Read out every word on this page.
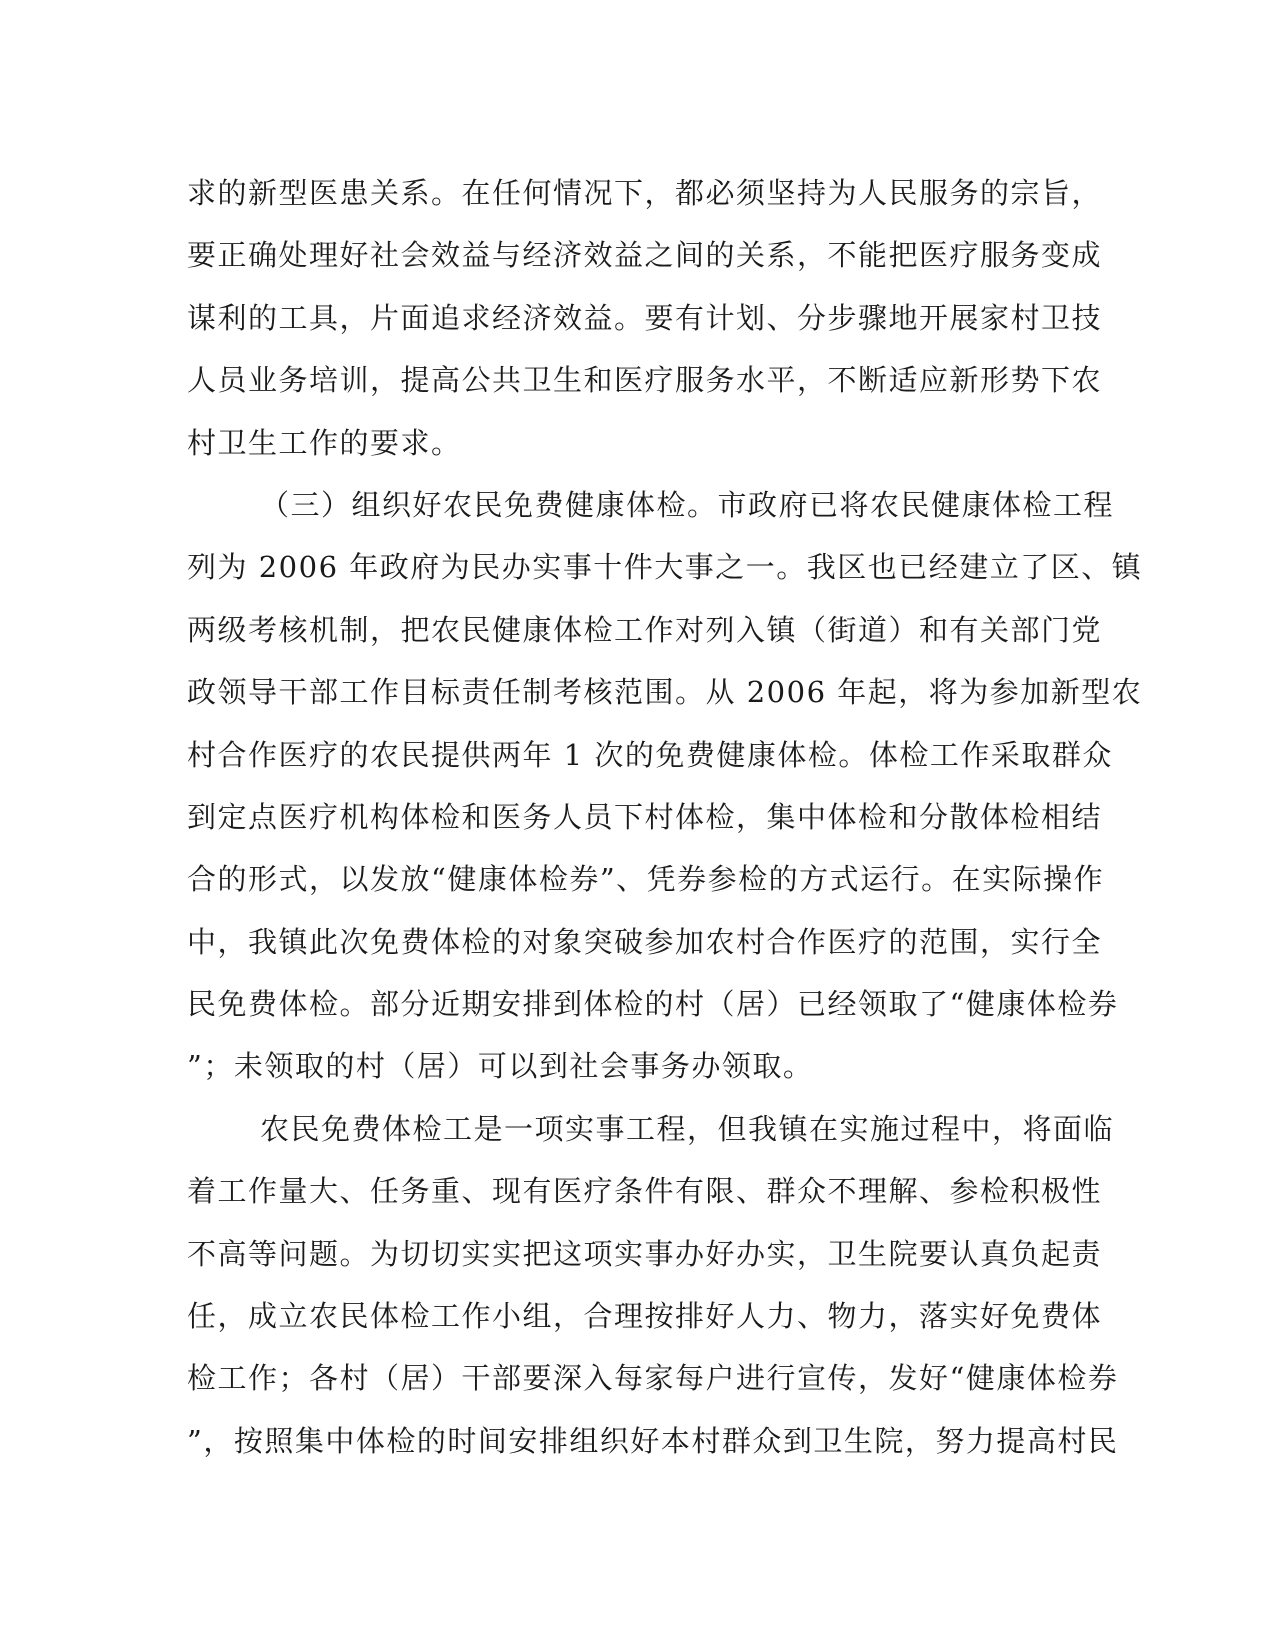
求的新型医患关系。在任何情况下，都必须坚持为人民服务的宗旨，
要正确处理好社会效益与经济效益之间的关系，不能把医疗服务变成
谋利的工具，片面追求经济效益。要有计划、分步骤地开展家村卫技
人员业务培训，提高公共卫生和医疗服务水平，不断适应新形势下农
村卫生工作的要求。
（三）组织好农民免费健康体检。市政府已将农民健康体检工程
列为 2006 年政府为民办实事十件大事之一。我区也已经建立了区、镇
两级考核机制，把农民健康体检工作对列入镇（街道）和有关部门党
政领导干部工作目标责任制考核范围。从 2006 年起，将为参加新型农
村合作医疗的农民提供两年 1 次的免费健康体检。体检工作采取群众
到定点医疗机构体检和医务人员下村体检，集中体检和分散体检相结
合的形式，以发放“健康体检券”、凭券参检的方式运行。在实际操作
中，我镇此次免费体检的对象突破参加农村合作医疗的范围，实行全
民免费体检。部分近期安排到体检的村（居）已经领取了“健康体检券
”；未领取的村（居）可以到社会事务办领取。
农民免费体检工是一项实事工程，但我镇在实施过程中，将面临
着工作量大、任务重、现有医疗条件有限、群众不理解、参检积极性
不高等问题。为切切实实把这项实事办好办实，卫生院要认真负起责
任，成立农民体检工作小组，合理按排好人力、物力，落实好免费体
检工作；各村（居）干部要深入每家每户进行宣传，发好“健康体检券
”，按照集中体检的时间安排组织好本村群众到卫生院，努力提高村民
